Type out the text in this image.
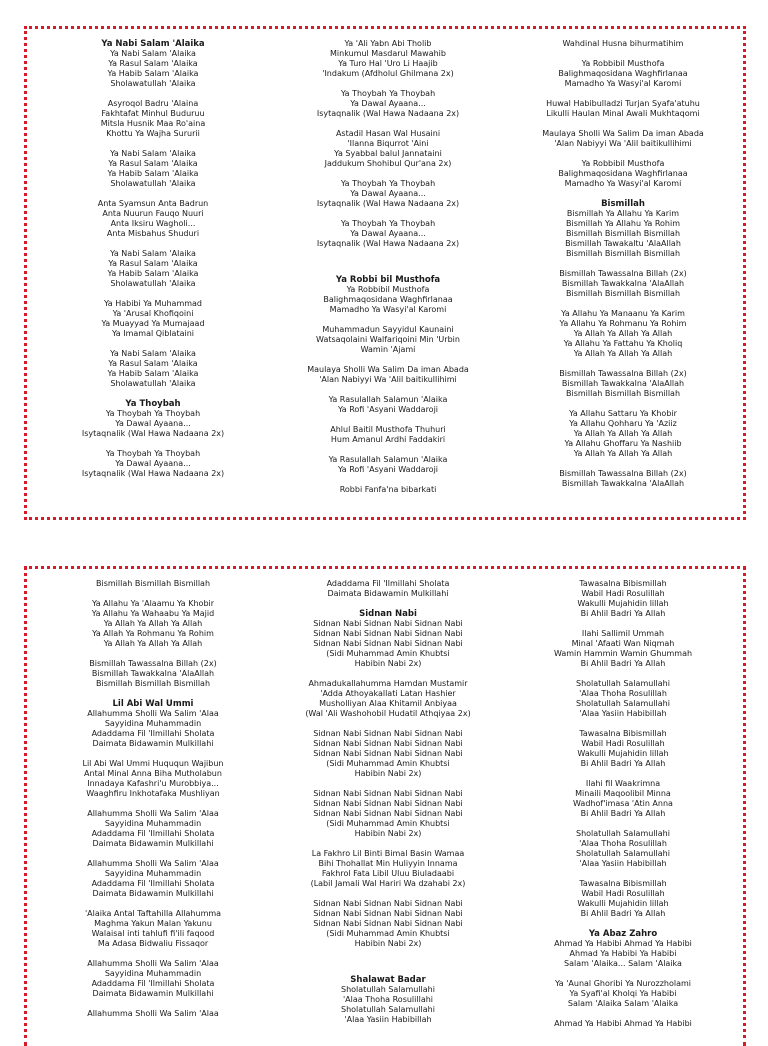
Ya Nabi Salam 'Alaika
Ya Nabi Salam 'Alaika
Ya Rasul Salam 'Alaika
Ya Habib Salam 'Alaika
Sholawatullah 'Alaika
Asyroqol Badru 'Alaina
Fakhtafat Minhul Buduruu
Mitsla Husnik Maa Ro'aina
Khottu Ya Wajha Sururii
Ya Nabi Salam 'Alaika
Ya Rasul Salam 'Alaika
Ya Habib Salam 'Alaika
Sholawatullah 'Alaika
Anta Syamsun Anta Badrun
Anta Nuurun Fauqo Nuuri
Anta Iksiru Wagholi...
Anta Misbahus Shuduri
Ya Nabi Salam 'Alaika
Ya Rasul Salam 'Alaika
Ya Habib Salam 'Alaika
Sholawatullah 'Alaika
Ya Habibi Ya Muhammad
Ya 'Arusal Khofiqoini
Ya Muayyad Ya Mumajaad
Ya Imamal Qiblataini
Ya Nabi Salam 'Alaika
Ya Rasul Salam 'Alaika
Ya Habib Salam 'Alaika
Sholawatullah 'Alaika
Ya Thoybah
Ya Thoybah Ya Thoybah
Ya Dawal Ayaana...
Isytaqnalik (Wal Hawa Nadaana 2x)
Ya Thoybah Ya Thoybah
Ya Dawal Ayaana...
Isytaqnalik (Wal Hawa Nadaana 2x)
Ya 'Ali Yabn Abi Tholib
Minkumul Masdarul Mawahib
Ya Turo Hal 'Uro Li Haajib
'Indakum (Afdholul Ghilmana 2x)
Ya Thoybah Ya Thoybah
Ya Dawal Ayaana...
Isytaqnalik (Wal Hawa Nadaana 2x)
Astadil Hasan Wal Husaini
'Ilanna Biqurrot 'Aini
Ya Syabbal balul Jannataini
Jaddukum Shohibul Qur'ana 2x)
Ya Thoybah Ya Thoybah
Ya Dawal Ayaana...
Isytaqnalik (Wal Hawa Nadaana 2x)
Ya Thoybah Ya Thoybah
Ya Dawal Ayaana...
Isytaqnalik (Wal Hawa Nadaana 2x)
Ya Robbi bil Musthofa
Ya Robbibil Musthofa
Balighmaqosidana Waghfirlanaa
Mamadho Ya Wasyi'al Karomi
Muhammadun Sayyidul Kaunaini
Watsaqolaini Walfariqoini Min 'Urbin
Wamin 'Ajami
Maulaya Sholli Wa Salim Da iman Abada
'Alan Nabiyyi Wa 'Alil baitikullihimi
Ya Rasulallah Salamun 'Alaika
Ya Rofi 'Asyani Waddaroji
Ahlul Baitil Musthofa Thuhuri
Hum Amanul Ardhi Faddakiri
Ya Rasulallah Salamun 'Alaika
Ya Rofi 'Asyani Waddaroji
Robbi Fanfa'na bibarkati
Wahdinal Husna bihurmatihim
Ya Robbibil Musthofa
Balighmaqosidana Waghfirlanaa
Mamadho Ya Wasyi'al Karomi
Huwal Habibulladzi Turjan Syafa'atuhu
Likulli Haulan Minal Awali Mukhtaqomi
Maulaya Sholli Wa Salim Da iman Abada
'Alan Nabiyyi Wa 'Alil baitikullihimi
Ya Robbibil Musthofa
Balighmaqosidana Waghfirlanaa
Mamadho Ya Wasyi'al Karomi
Bismillah
Bismillah Ya Allahu Ya Karim
Bismillah Ya Allahu Ya Rohim
Bismillah Bismillah Bismillah
Bismillah Tawakaltu 'AlaAllah
Bismillah Bismillah Bismillah
Bismillah Tawassalna Billah (2x)
Bismillah Tawakkalna 'AlaAllah
Bismillah Bismillah Bismillah
Ya Allahu Ya Manaanu Ya Karim
Ya Allahu Ya Rohmanu Ya Rohim
Ya Allah Ya Allah Ya Allah
Ya Allahu Ya Fattahu Ya Kholiq
Ya Allah Ya Allah Ya Allah
Bismillah Tawassalna Billah (2x)
Bismillah Tawakkalna 'AlaAllah
Bismillah Bismillah Bismillah
Ya Allahu Sattaru Ya Khobir
Ya Allahu Qohharu Ya 'Aziiz
Ya Allah Ya Allah Ya Allah
Ya Allahu Ghoffaru Ya Nashiib
Ya Allah Ya Allah Ya Allah
Bismillah Tawassalna Billah (2x)
Bismillah Tawakkalna 'AlaAllah
Bismillah Bismillah Bismillah
Ya Allahu Ya 'Alaamu Ya Khobir
Ya Allahu Ya Wahaabu Ya Majid
Ya Allah Ya Allah Ya Allah
Ya Allah Ya Rohmanu Ya Rohim
Ya Allah Ya Allah Ya Allah
Bismillah Tawassalna Billah (2x)
Bismillah Tawakkalna 'AlaAllah
Bismillah Bismillah Bismillah
Lil Abi Wal Ummi
Allahumma Sholli Wa Salim 'Alaa
Sayyidina Muhammadin
Adaddama Fil 'Ilmillahi Sholata
Daimata Bidawamin Mulkillahi
Lil Abi Wal Ummi Huququn Wajibun
Antal Minal Anna Biha Mutholabun
Innadaya Kafashri'u Murobbiya...
Waaghfiru Inkhotafaka Mushliyan
Allahumma Sholli Wa Salim 'Alaa
Sayyidina Muhammadin
Adaddama Fil 'Ilmillahi Sholata
Daimata Bidawamin Mulkillahi
Allahumma Sholli Wa Salim 'Alaa
Sayyidina Muhammadin
Adaddama Fil 'Ilmillahi Sholata
Daimata Bidawamin Mulkillahi
'Alaika Antal Taftahilla Allahumma
Maghma Yakun Malan Yakunu
Walaisal inti tahlufi fi'ili faqood
Ma Adasa Bidwaliu Fissaqor
Allahumma Sholli Wa Salim 'Alaa
Sayyidina Muhammadin
Adaddama Fil 'Ilmillahi Sholata
Daimata Bidawamin Mulkillahi
Allahumma Sholli Wa Salim 'Alaa
Adaddama Fil 'Ilmillahi Sholata
Daimata Bidawamin Mulkillahi
Sidnan Nabi
Sidnan Nabi Sidnan Nabi Sidnan Nabi
Sidnan Nabi Sidnan Nabi Sidnan Nabi
Sidnan Nabi Sidnan Nabi Sidnan Nabi
(Sidi Muhammad Amin Khubtsi
Habibin Nabi 2x)
Ahmadukallahumma Hamdan Mustamir
'Adda Athoyakallati Latan Hashier
Musholliyan Alaa Khitamil Anbiyaa
(Wal 'Ali Washohobil Hudatil Athqiyaa 2x)
Sidnan Nabi Sidnan Nabi Sidnan Nabi
Sidnan Nabi Sidnan Nabi Sidnan Nabi
Sidnan Nabi Sidnan Nabi Sidnan Nabi
(Sidi Muhammad Amin Khubtsi
Habibin Nabi 2x)
Sidnan Nabi Sidnan Nabi Sidnan Nabi
Sidnan Nabi Sidnan Nabi Sidnan Nabi
Sidnan Nabi Sidnan Nabi Sidnan Nabi
(Sidi Muhammad Amin Khubtsi
Habibin Nabi 2x)
La Fakhro Lil Binti Bimal Basin Wamaa
Bihi Thohallat Min Huliyyin Innama
Fakhrol Fata Libil Uluu Biuladaabi
(Labil Jamali Wal Hariri Wa dzahabi 2x)
Sidnan Nabi Sidnan Nabi Sidnan Nabi
Sidnan Nabi Sidnan Nabi Sidnan Nabi
Sidnan Nabi Sidnan Nabi Sidnan Nabi
(Sidi Muhammad Amin Khubtsi
Habibin Nabi 2x)
Shalawat Badar
Sholatullah Salamullahi
'Alaa Thoha Rosulillahi
Sholatullah Salamullahi
'Alaa Yasiin Habibillah
Tawasalna Bibismillah
Wabil Hadi Rosulillah
Wakulli Mujahidin lillah
Bi Ahlil Badri Ya Allah
Ilahi Sallimil Ummah
Minal 'Afaati Wan Niqmah
Wamin Hammin Wamin Ghummah
Bi Ahlil Badri Ya Allah
Sholatullah Salamullahi
'Alaa Thoha Rosulillah
Sholatullah Salamullahi
'Alaa Yasiin Habibillah
Tawasalna Bibismillah
Wabil Hadi Rosulillah
Wakulli Mujahidin lillah
Bi Ahlil Badri Ya Allah
Ilahi fil Waakrimna
Minaili Maqoolibil Minna
Wadhof'imasa 'Atin Anna
Bi Ahlil Badri Ya Allah
Sholatullah Salamullahi
'Alaa Thoha Rosulillah
Sholatullah Salamullahi
'Alaa Yasiin Habibillah
Tawasalna Bibismillah
Wabil Hadi Rosulillah
Wakulli Mujahidin lillah
Bi Ahlil Badri Ya Allah
Ya Abaz Zahro
Ahmad Ya Habibi Ahmad Ya Habibi
Ahmad Ya Habibi Ya Habibi
Salam 'Alaika... Salam 'Alaika
Ya 'Aunal Ghoribi Ya Nurozzholami
Ya Syafi'al Kholqi Ya Habibi
Salam 'Alaika Salam 'Alaika
Ahmad Ya Habibi Ahmad Ya Habibi
